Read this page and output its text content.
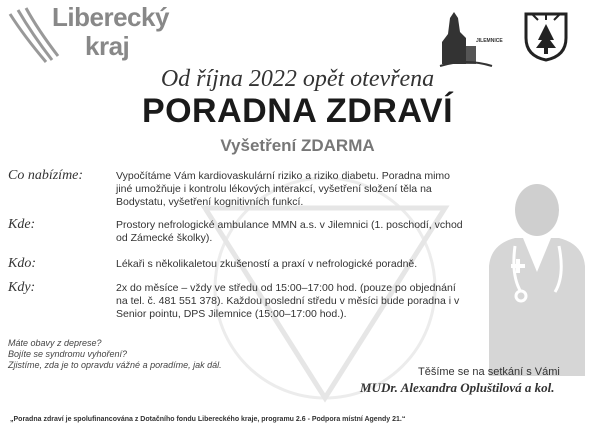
Liberecký
kraj	JILEMNICE
Od října 2022 opět otevřena
PORADNA ZDRAVÍ
Vyšetření ZDARMA
Co nabízíme:	Vypočítáme Vám kardiovaskulární riziko a riziko diabetu. Poradna mimo jiné umožňuje i kontrolu lékových interakcí, vyšetření složení těla na Bodystatu, vyšetření kognitivních funkcí.
Kde:	Prostory nefrologické ambulance MMN a.s. v Jilemnici (1. poschodí, vchod od Zámecké školky).
Kdo:	Lékaři s několikaletou zkušeností a praxí v nefrologické poradně.
Kdy:	2x do měsíce – vždy ve středu od 15:00–17:00 hod. (pouze po objednání na tel. č. 481 551 378). Každou poslední středu v měsíci bude poradna i v Senior pointu, DPS Jilemnice (15:00–17:00 hod.).
Máte obavy z deprese?
Bojíte se syndromu vyhoření?
Zjistíme, zda je to opravdu vážné a poradíme, jak dál.
Těšíme se na setkání s Vámi
MUDr. Alexandra Opluštilová a kol.
„Poradna zdraví je spolufinancována z Dotačního fondu Libereckého kraje, programu 2.6 - Podpora místní Agendy 21.“
